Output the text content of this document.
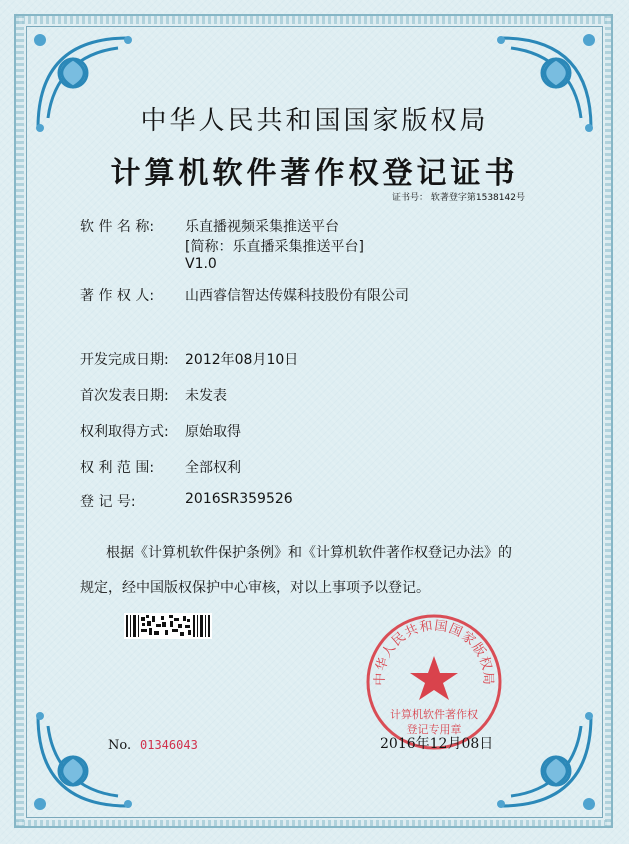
中华人民共和国国家版权局
计算机软件著作权登记证书
证书号： 软著登字第1538142号
软 件 名 称: 乐直播视频采集推送平台
[简称：乐直播采集推送平台]
V1.0
著 作 权 人: 山西睿信智达传媒科技股份有限公司
开发完成日期: 2012年08月10日
首次发表日期: 未发表
权利取得方式: 原始取得
权 利 范 围: 全部权利
登 记 号:	2016SR359526
根据《计算机软件保护条例》和《计算机软件著作权登记办法》的
规定，经中国版权保护中心审核，对以上事项予以登记。
中华人民共和国国家版权局
计算机软件著作权
登记专用章
No. 01346043	2016年12月08日
